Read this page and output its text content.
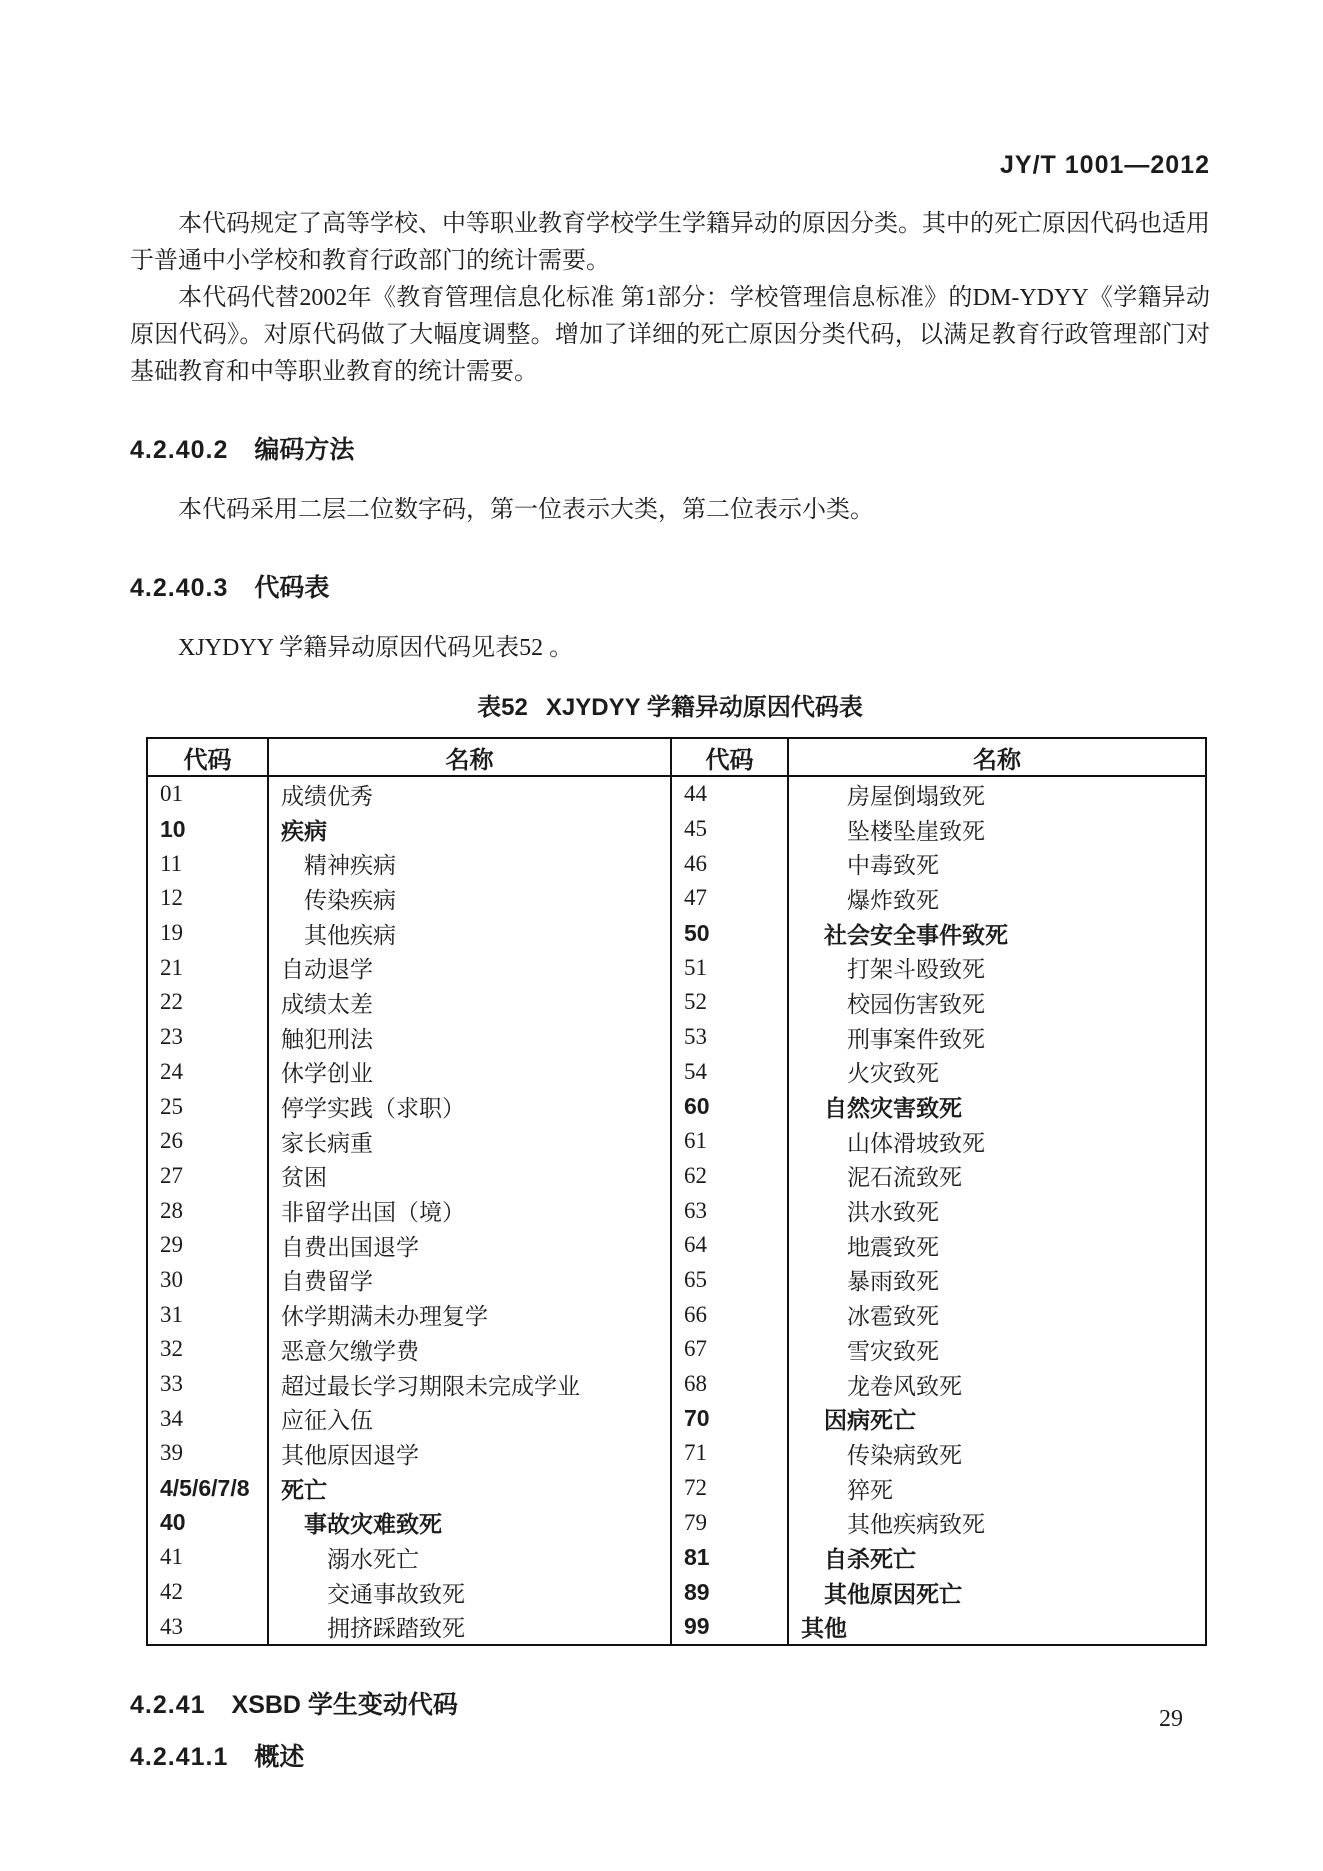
JY/T 1001—2012

本代码规定了高等学校、中等职业教育学校学生学籍异动的原因分类。其中的死亡原因代码也适用于普通中小学校和教育行政部门的统计需要。

本代码代替2002年《教育管理信息化标准 第1部分：学校管理信息标准》的DM-YDYY《学籍异动原因代码》。对原代码做了大幅度调整。增加了详细的死亡原因分类代码，以满足教育行政管理部门对基础教育和中等职业教育的统计需要。

4.2.40.2 编码方法

本代码采用二层二位数字码，第一位表示大类，第二位表示小类。

4.2.40.3 代码表

XJYDYY 学籍异动原因代码见表52 。

表52 XJYDYY 学籍异动原因代码表
代码	名称	代码	名称
01	成绩优秀	44	房屋倒塌致死
10	疾病	45	坠楼坠崖致死
11	精神疾病	46	中毒致死
12	传染疾病	47	爆炸致死
19	其他疾病	50	社会安全事件致死
21	自动退学	51	打架斗殴致死
22	成绩太差	52	校园伤害致死
23	触犯刑法	53	刑事案件致死
24	休学创业	54	火灾致死
25	停学实践（求职）	60	自然灾害致死
26	家长病重	61	山体滑坡致死
27	贫困	62	泥石流致死
28	非留学出国（境）	63	洪水致死
29	自费出国退学	64	地震致死
30	自费留学	65	暴雨致死
31	休学期满未办理复学	66	冰雹致死
32	恶意欠缴学费	67	雪灾致死
33	超过最长学习期限未完成学业	68	龙卷风致死
34	应征入伍	70	因病死亡
39	其他原因退学	71	传染病致死
4/5/6/7/8	死亡	72	猝死
40	事故灾难致死	79	其他疾病致死
41	溺水死亡	81	自杀死亡
42	交通事故致死	89	其他原因死亡
43	拥挤踩踏致死	99	其他
4.2.41 XSBD 学生变动代码
4.2.41.1 概述
29
